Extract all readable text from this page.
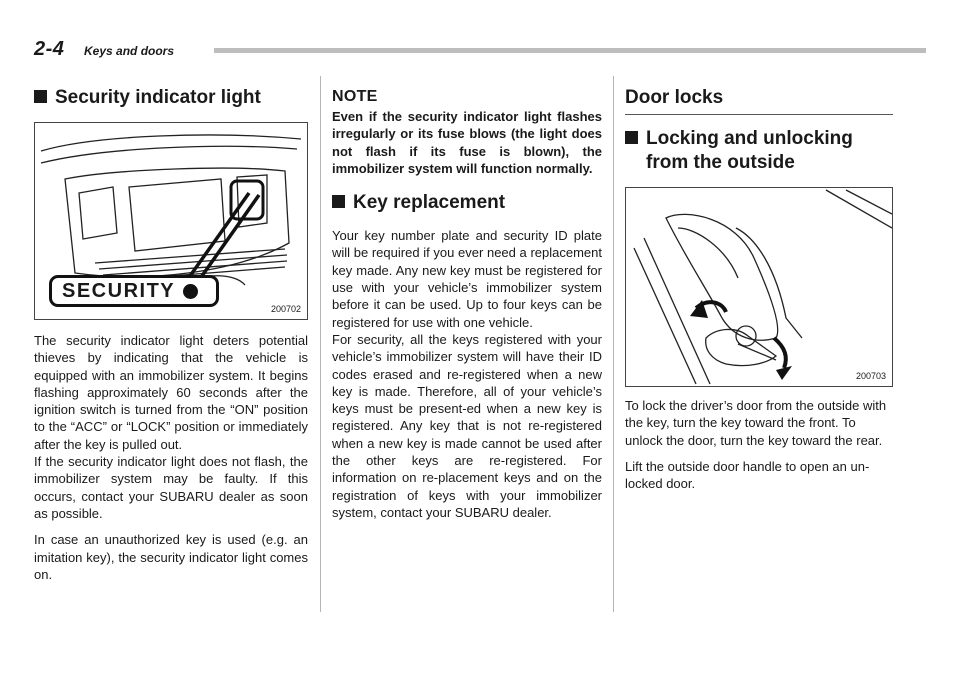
2-4 Keys and doors
Security indicator light
SECURITY
200702

The security indicator light deters potential thieves by indicating that the vehicle is equipped with an immobilizer system. It begins flashing approximately 60 seconds after the ignition switch is turned from the “ON” position to the “ACC” or “LOCK” position or immediately after the key is pulled out.

If the security indicator light does not flash, the immobilizer system may be faulty. If this occurs, contact your SUBARU dealer as soon as possible.

In case an unauthorized key is used (e.g. an imitation key), the security indicator light comes on.

NOTE

Even if the security indicator light flashes irregularly or its fuse blows (the light does not flash if its fuse is blown), the immobilizer system will function normally.

Key replacement

Your key number plate and security ID plate will be required if you ever need a replacement key made. Any new key must be registered for use with your vehicle’s immobilizer system before it can be used. Up to four keys can be registered for use with one vehicle.

For security, all the keys registered with your vehicle’s immobilizer system will have their ID codes erased and re-registered when a new key is made. Therefore, all of your vehicle’s keys must be present-ed when a new key is registered. Any key that is not re-registered when a new key is made cannot be used after the other keys are re-registered. For information on re-placement keys and on the registration of keys with your immobilizer system, contact your SUBARU dealer.

Door locks
Locking and unlocking from the outside
200703

To lock the driver’s door from the outside with the key, turn the key toward the front. To unlock the door, turn the key toward the rear.

Lift the outside door handle to open an un-locked door.
